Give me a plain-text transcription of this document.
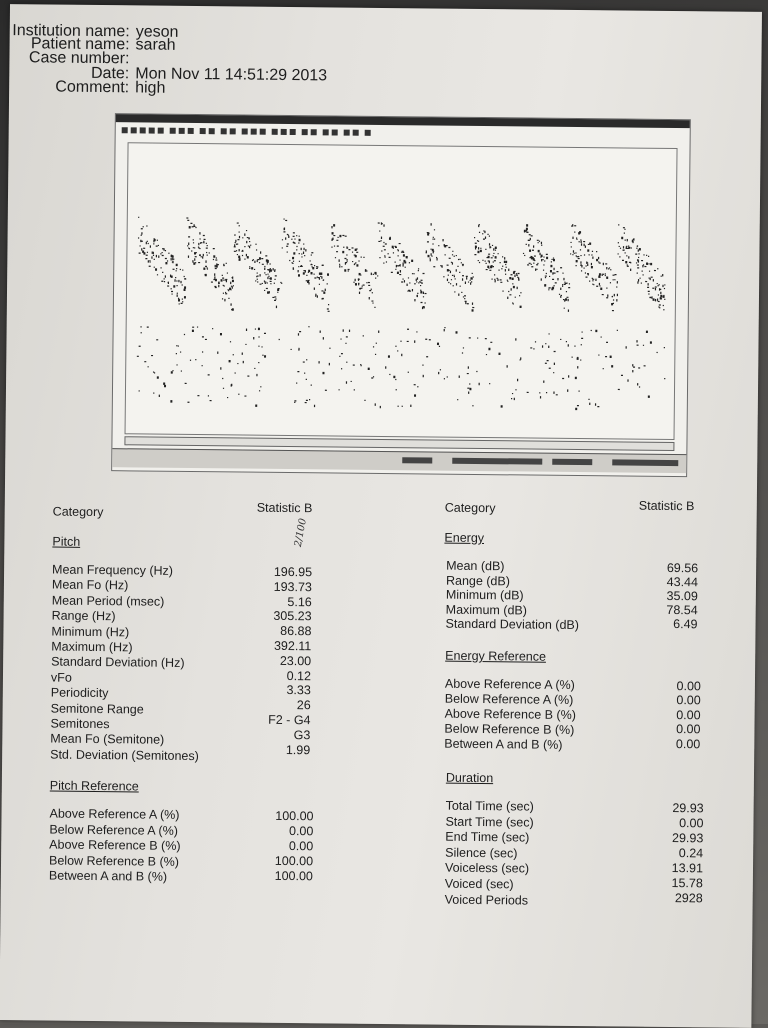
Institution name: yeson
Patient name: sarah
Case number:
Date: Mon Nov 11 14:51:29 2013
Comment: high
Category	Statistic B
Pitch	2/100
Mean Frequency (Hz)	196.95
Mean Fo (Hz)	193.73
Mean Period (msec)	5.16
Range (Hz)	305.23
Minimum (Hz)	86.88
Maximum (Hz)	392.11
Standard Deviation (Hz)	23.00
vFo	0.12
Periodicity	3.33
Semitone Range	26
Semitones	F2 - G4
Mean Fo (Semitone)	G3
Std. Deviation (Semitones)	1.99
Pitch Reference
Above Reference A (%)	100.00
Below Reference A (%)	0.00
Above Reference B (%)	0.00
Below Reference B (%)	100.00
Between A and B (%)	100.00
Category	Statistic B
Energy
Mean (dB)	69.56
Range (dB)	43.44
Minimum (dB)	35.09
Maximum (dB)	78.54
Standard Deviation (dB)	6.49
Energy Reference
Above Reference A (%)	0.00
Below Reference A (%)	0.00
Above Reference B (%)	0.00
Below Reference B (%)	0.00
Between A and B (%)	0.00
Duration
Total Time (sec)	29.93
Start Time (sec)	0.00
End Time (sec)	29.93
Silence (sec)	0.24
Voiceless (sec)	13.91
Voiced (sec)	15.78
Voiced Periods	2928
